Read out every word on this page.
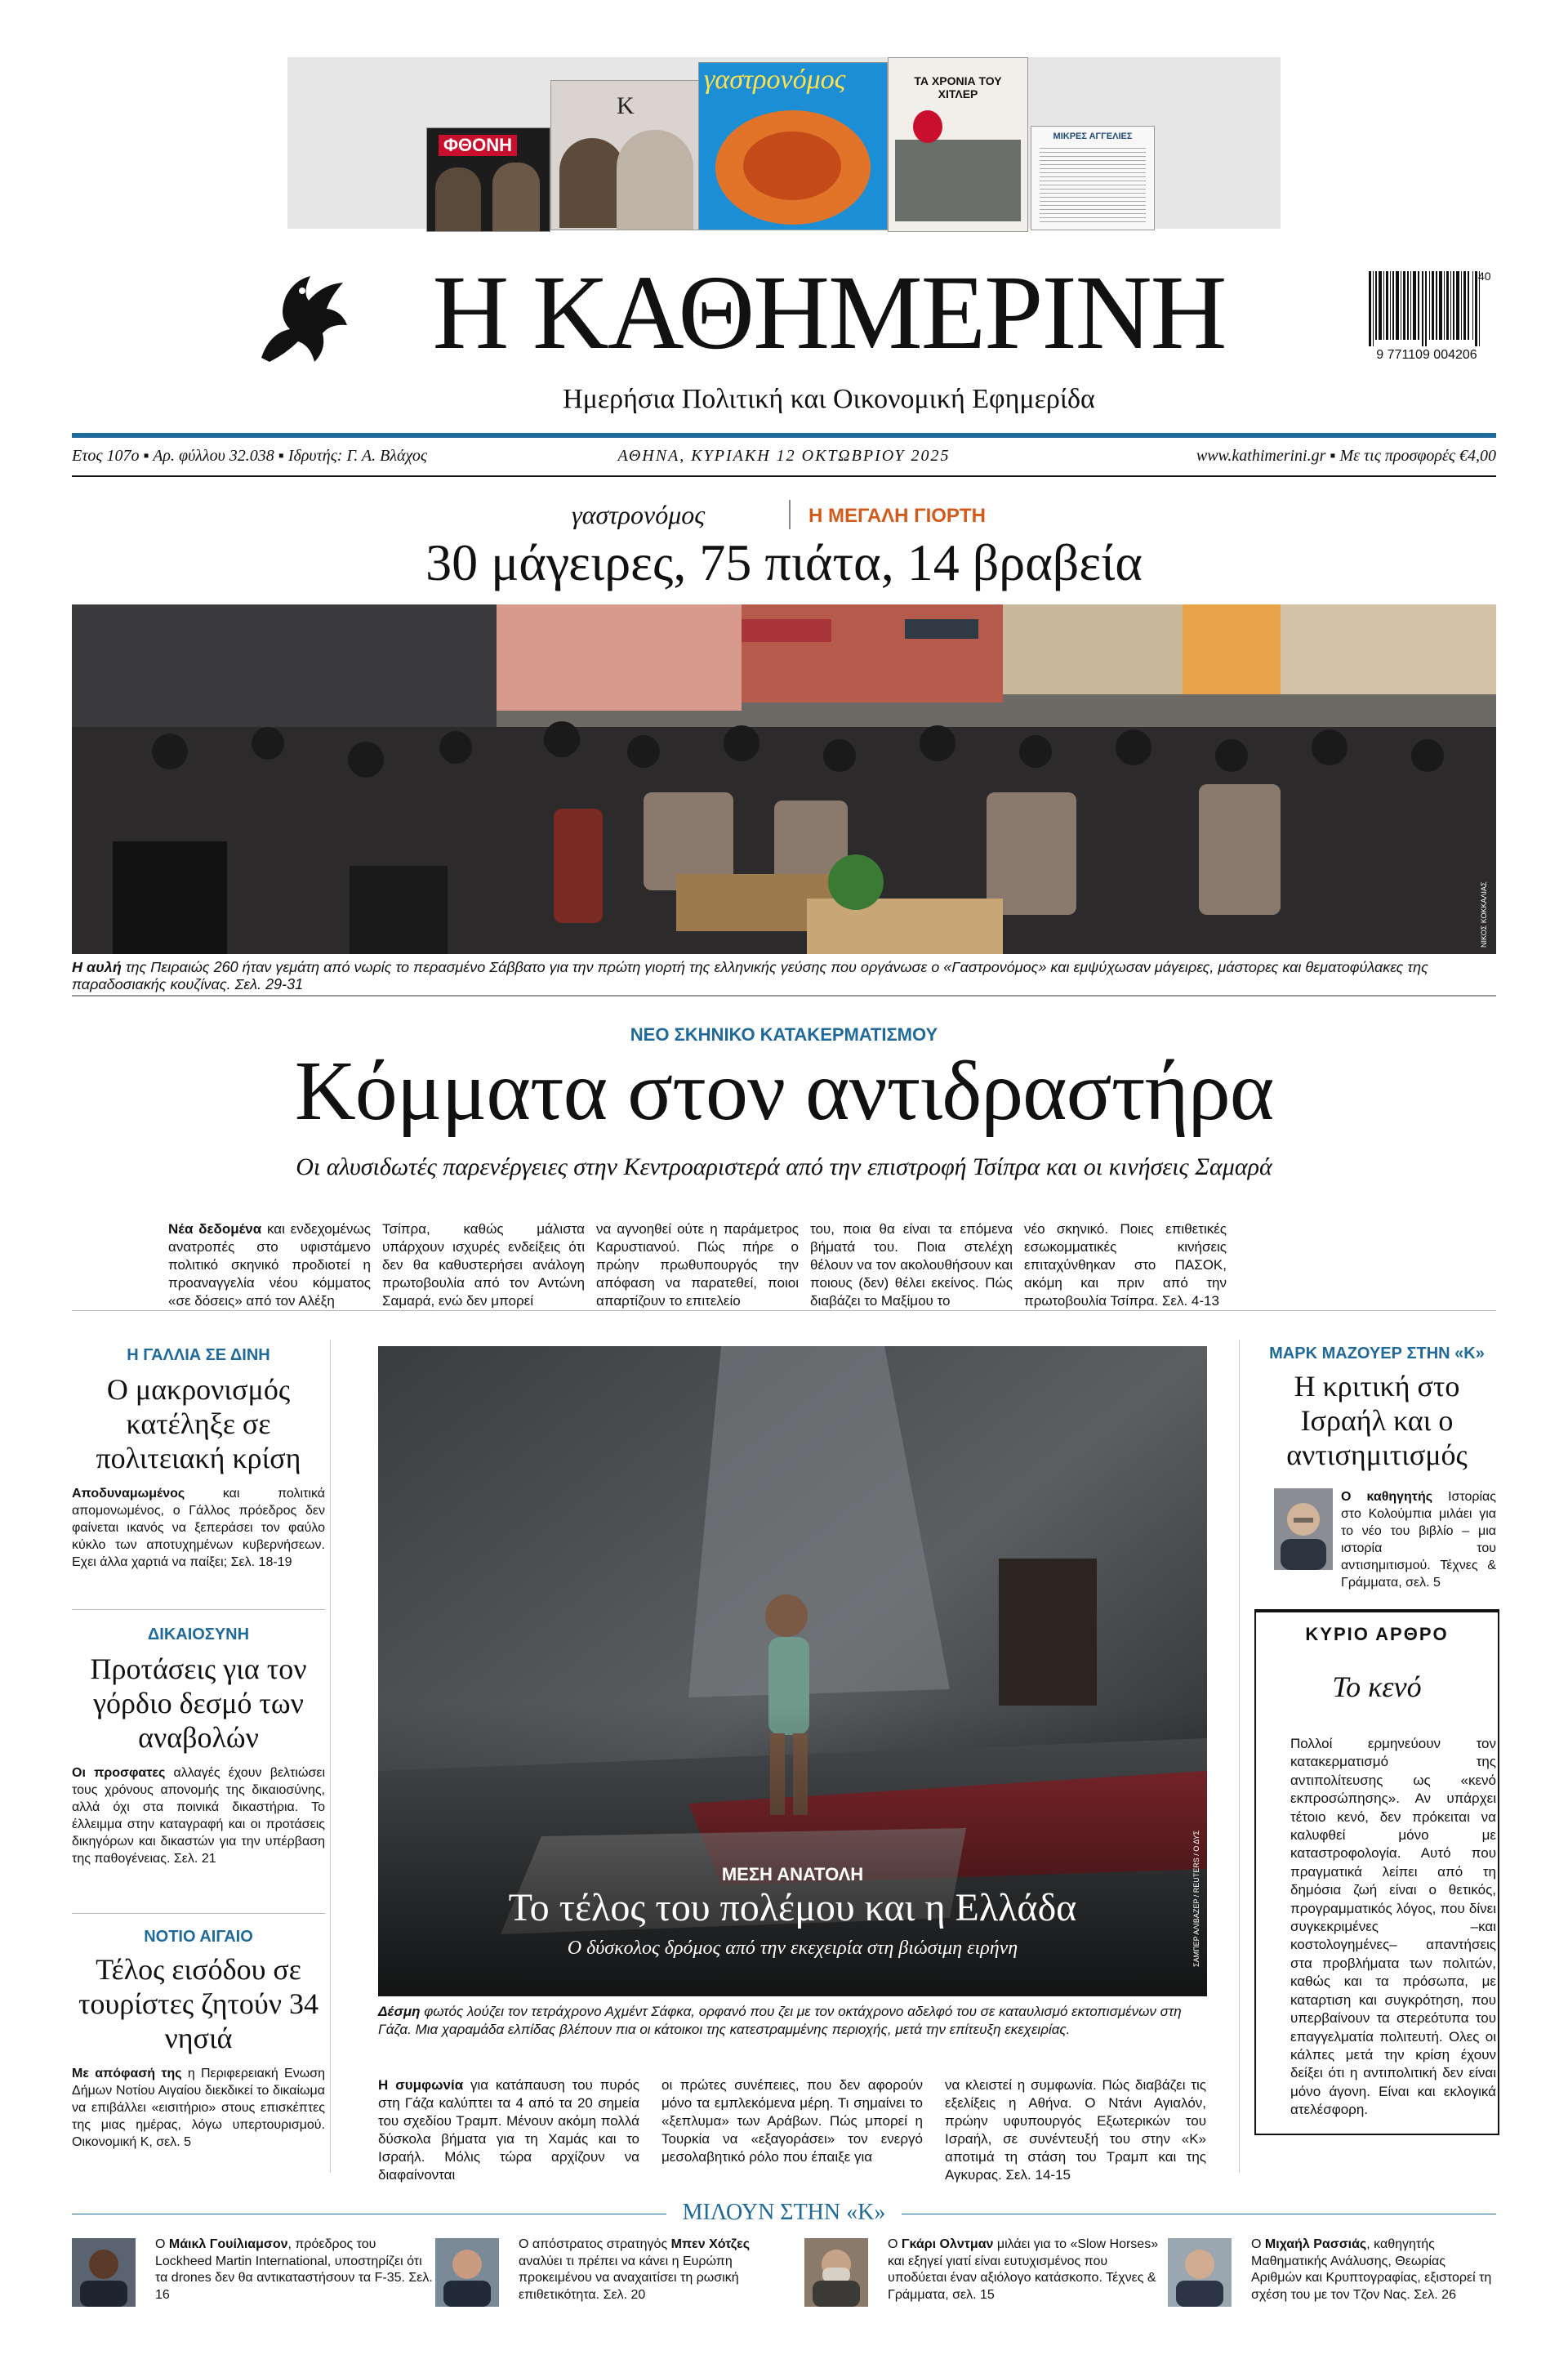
ΦΘΟΝΗ
Κ
γαστρονόμος	ΤΑ ΧΡΟΝΙΑ ΤΟΥ ΧΙΤΛΕΡ
ΜΙΚΡΕΣ ΑΓΓΕΛΙΕΣ
Η ΚΑΘΗΜΕΡΙΝΗ
Ημερήσια Πολιτική και Οικονομική Εφημερίδα
40
9 771109 004206
Ετος 107ο ▪ Αρ. φύλλου 32.038 ▪ Ιδρυτής: Γ. Α. Βλάχος	ΑΘΗΝΑ, ΚΥΡΙΑΚΗ 12 ΟΚΤΩΒΡΙΟΥ 2025	www.kathimerini.gr ▪ Με τις προσφορές €4,00
γαστρονόμος	Η ΜΕΓΑΛΗ ΓΙΟΡΤΗ
30 μάγειρες, 75 πιάτα, 14 βραβεία
ΝΙΚΟΣ ΚΟΚΚΑΛΙΑΣ
Η αυλή της Πειραιώς 260 ήταν γεμάτη από νωρίς το περασμένο Σάββατο για την πρώτη γιορτή της ελληνικής γεύσης που οργάνωσε ο «Γαστρονόμος» και εμψύχωσαν μάγειρες, μάστορες και θεματοφύλακες της παραδοσιακής κουζίνας. Σελ. 29-31
ΝΕΟ ΣΚΗΝΙΚΟ ΚΑΤΑΚΕΡΜΑΤΙΣΜΟΥ
Κόμματα στον αντιδραστήρα
Οι αλυσιδωτές παρενέργειες στην Κεντροαριστερά από την επιστροφή Τσίπρα και οι κινήσεις Σαμαρά
Νέα δεδομένα και ενδεχομένως ανατροπές στο υφιστάμενο πολιτικό σκηνικό προδιοτεί η προαναγγελία νέου κόμματος «σε δόσεις» από τον Αλέξη
Τσίπρα, καθώς μάλιστα υπάρχουν ισχυρές ενδείξεις ότι δεν θα καθυστερήσει ανάλογη πρωτοβουλία από τον Αντώνη Σαμαρά, ενώ δεν μπορεί
να αγνοηθεί ούτε η παράμετρος Καρυστιανού. Πώς πήρε ο πρώην πρωθυπουργός την απόφαση να παρατεθεί, ποιοι απαρτίζουν το επιτελείο
του, ποια θα είναι τα επόμενα βήματά του. Ποια στελέχη θέλουν να τον ακολουθήσουν και ποιους (δεν) θέλει εκείνος. Πώς διαβάζει το Μαξίμου το
νέο σκηνικό. Ποιες επιθετικές εσωκομματικές κινήσεις επιταχύνθηκαν στο ΠΑΣΟΚ, ακόμη και πριν από την πρωτοβουλία Τσίπρα. Σελ. 4-13
Η ΓΑΛΛΙΑ ΣΕ ΔΙΝΗ
Ο μακρονισμός κατέληξε σε πολιτειακή κρίση
Αποδυναμωμένος και πολιτικά απομονωμένος, ο Γάλλος πρόεδρος δεν φαίνεται ικανός να ξεπεράσει τον φαύλο κύκλο των αποτυχημένων κυβερνήσεων. Εχει άλλα χαρτιά να παίξει; Σελ. 18-19
ΔΙΚΑΙΟΣΥΝΗ
Προτάσεις για τον γόρδιο δεσμό των αναβολών
Οι προσφατες αλλαγές έχουν βελτιώσει τους χρόνους απονομής της δικαιοσύνης, αλλά όχι στα ποινικά δικαστήρια. Το έλλειμμα στην καταγραφή και οι προτάσεις δικηγόρων και δικαστών για την υπέρβαση της παθογένειας. Σελ. 21
ΝΟΤΙΟ ΑΙΓΑΙΟ
Τέλος εισόδου σε τουρίστες ζητούν 34 νησιά
Με απόφασή της η Περιφερειακή Ενωση Δήμων Νοτίου Αιγαίου διεκδικεί το δικαίωμα να επιβάλλει «εισιτήριο» στους επισκέπτες της μιας ημέρας, λόγω υπερτουρισμού. Οικονομική Κ, σελ. 5
ΣΑΜΠΕΡ ΑΛΙΒΑΖΕΡ / REUTERS / Ο ΔΥΣ
ΜΕΣΗ ΑΝΑΤΟΛΗ
Το τέλος του πολέμου και η Ελλάδα
Ο δύσκολος δρόμος από την εκεχειρία στη βιώσιμη ειρήνη
Δέσμη φωτός λούζει τον τετράχρονο Αχμέντ Σάφκα, ορφανό που ζει με τον οκτάχρονο αδελφό του σε καταυλισμό εκτοπισμένων στη Γάζα. Μια χαραμάδα ελπίδας βλέπουν πια οι κάτοικοι της κατεστραμμένης περιοχής, μετά την επίτευξη εκεχειρίας.
Η συμφωνία για κατάπαυση του πυρός στη Γάζα καλύπτει τα 4 από τα 20 σημεία του σχεδίου Τραμπ. Μένουν ακόμη πολλά δύσκολα βήματα για τη Χαμάς και το Ισραήλ. Μόλις τώρα αρχίζουν να διαφαίνονται
οι πρώτες συνέπειες, που δεν αφορούν μόνο τα εμπλεκόμενα μέρη. Τι σημαίνει το «ξεπλυμα» των Αράβων. Πώς μπορεί η Τουρκία να «εξαγοράσει» τον ενεργό μεσολαβητικό ρόλο που έπαιξε για
να κλειστεί η συμφωνία. Πώς διαβάζει τις εξελίξεις η Αθήνα. Ο Ντάνι Αγιαλόν, πρώην υφυπουργός Εξωτερικών του Ισραήλ, σε συνέντευξή του στην «Κ» αποτιμά τη στάση του Τραμπ και της Αγκυρας. Σελ. 14-15
ΜΑΡΚ ΜΑΖΟΥΕΡ ΣΤΗΝ «Κ»
Η κριτική στο Ισραήλ και ο αντισημιτισμός
Ο καθηγητής Ιστορίας στο Κολούμπια μιλάει για το νέο του βιβλίο – μια ιστορία του αντισημιτισμού. Τέχνες & Γράμματα, σελ. 5
ΚΥΡΙΟ ΑΡΘΡΟ
Το κενό
Πολλοί ερμηνεύουν τον κατακερματισμό της αντιπολίτευσης ως «κενό εκπροσώπησης». Αν υπάρχει τέτοιο κενό, δεν πρόκειται να καλυφθεί μόνο με καταστροφολογία. Αυτό που πραγματικά λείπει από τη δημόσια ζωή είναι ο θετικός, προγραμματικός λόγος, που δίνει συγκεκριμένες –και κοστολογημένες– απαντήσεις στα προβλήματα των πολιτών, καθώς και τα πρόσωπα, με καταρτιση και συγκρότηση, που υπερβαίνουν τα στερεότυπα του επαγγελματία πολιτευτή. Ολες οι κάλπες μετά την κρίση έχουν δείξει ότι η αντιπολιτική δεν είναι μόνο άγονη. Είναι και εκλογικά ατελέσφορη.
ΜΙΛΟΥΝ ΣΤΗΝ «Κ»
Ο Μάικλ Γουίλιαμσον, πρόεδρος του Lockheed Martin International, υποστηρίζει ότι τα drones δεν θα αντικαταστήσουν τα F-35. Σελ. 16
Ο απόστρατος στρατηγός Μπεν Χότζες αναλύει τι πρέπει να κάνει η Ευρώπη προκειμένου να αναχαιτίσει τη ρωσική επιθετικότητα. Σελ. 20
Ο Γκάρι Ολντμαν μιλάει για το «Slow Horses» και εξηγεί γιατί είναι ευτυχισμένος που υποδύεται έναν αξιόλογο κατάσκοπο. Τέχνες & Γράμματα, σελ. 15
Ο Μιχαήλ Ρασσιάς, καθηγητής Μαθηματικής Ανάλυσης, Θεωρίας Αριθμών και Κρυπτογραφίας, εξιστορεί τη σχέση του με τον Τζον Νας. Σελ. 26
